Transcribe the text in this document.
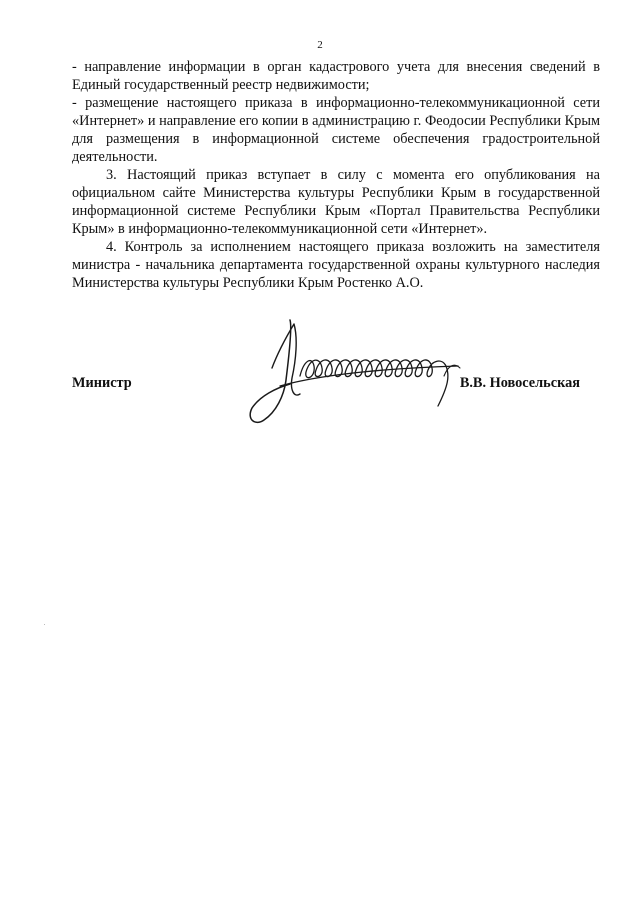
2

- направление информации в орган кадастрового учета для внесения сведений в Единый государственный реестр недвижимости;

- размещение настоящего приказа в информационно-телекоммуникационной сети «Интернет» и направление его копии в администрацию г. Феодосии Республики Крым для размещения в информационной системе обеспечения градостроительной деятельности.

3. Настоящий приказ вступает в силу с момента его опубликования на официальном сайте Министерства культуры Республики Крым в государственной информационной системе Республики Крым «Портал Правительства Республики Крым» в информационно-телекоммуникационной сети «Интернет».

4. Контроль за исполнением настоящего приказа возложить на заместителя министра - начальника департамента государственной охраны культурного наследия Министерства культуры Республики Крым Ростенко А.О.

Министр	В.В. Новосельская
